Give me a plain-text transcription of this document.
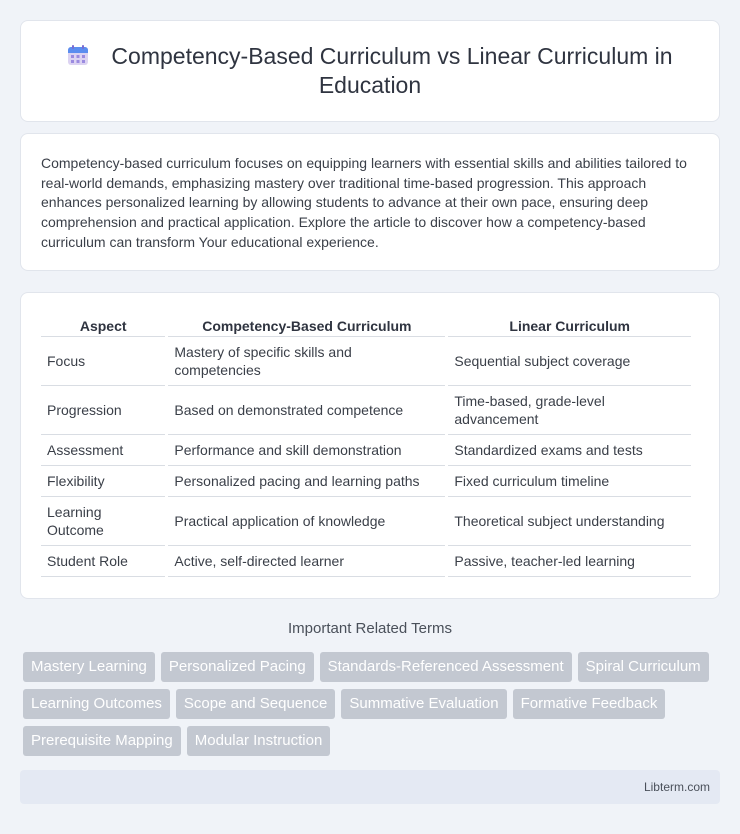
Competency-Based Curriculum vs Linear Curriculum in Education

Competency-based curriculum focuses on equipping learners with essential skills and abilities tailored to real-world demands, emphasizing mastery over traditional time-based progression. This approach enhances personalized learning by allowing students to advance at their own pace, ensuring deep comprehension and practical application. Explore the article to discover how a competency-based curriculum can transform Your educational experience.

Aspect	Competency-Based Curriculum	Linear Curriculum
Focus	Mastery of specific skills and competencies	Sequential subject coverage
Progression	Based on demonstrated competence	Time-based, grade-level advancement
Assessment	Performance and skill demonstration	Standardized exams and tests
Flexibility	Personalized pacing and learning paths	Fixed curriculum timeline
Learning Outcome	Practical application of knowledge	Theoretical subject understanding
Student Role	Active, self-directed learner	Passive, teacher-led learning
Important Related Terms
Mastery Learning	Personalized Pacing	Standards-Referenced Assessment	Spiral Curriculum
Learning Outcomes	Scope and Sequence	Summative Evaluation	Formative Feedback
Prerequisite Mapping	Modular Instruction
Libterm.com
